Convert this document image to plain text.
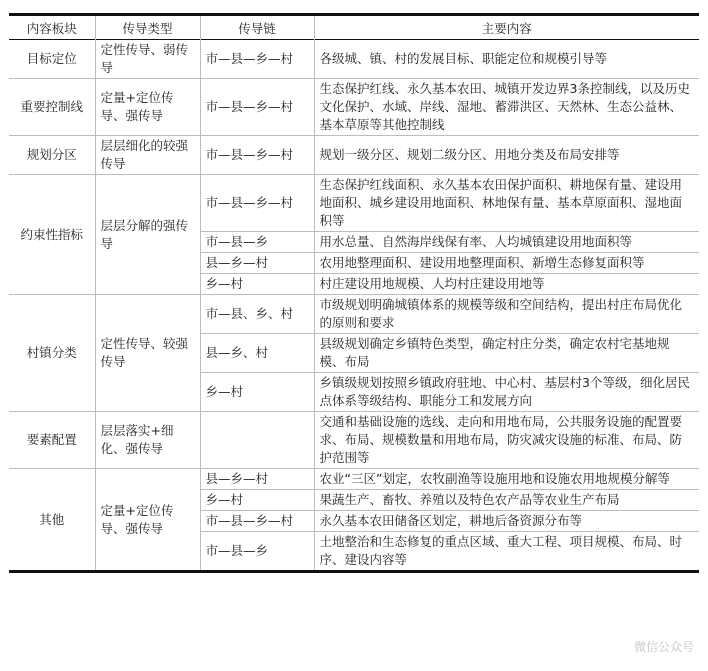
内容板块	传导类型	传导链	主要内容
目标定位	定性传导、弱传导	市—县—乡—村	各级城、镇、村的发展目标、职能定位和规模引导等
重要控制线	定量+定位传导、强传导	市—县—乡—村	生态保护红线、永久基本农田、城镇开发边界3条控制线，以及历史文化保护、水域、岸线、湿地、蓄滞洪区、天然林、生态公益林、基本草原等其他控制线
规划分区	层层细化的较强传导	市—县—乡—村	规划一级分区、规划二级分区、用地分类及布局安排等
约束性指标	层层分解的强传导	市—县—乡—村	生态保护红线面积、永久基本农田保护面积、耕地保有量、建设用地面积、城乡建设用地面积、林地保有量、基本草原面积、湿地面积等
		市—县—乡	用水总量、自然海岸线保有率、人均城镇建设用地面积等
		县—乡—村	农用地整理面积、建设用地整理面积、新增生态修复面积等
		乡—村	村庄建设用地规模、人均村庄建设用地等
村镇分类	定性传导、较强传导	市—县、乡、村	市级规划明确城镇体系的规模等级和空间结构，提出村庄布局优化的原则和要求
		县—乡、村	县级规划确定乡镇特色类型，确定村庄分类，确定农村宅基地规模、布局
		乡—村	乡镇级规划按照乡镇政府驻地、中心村、基层村3个等级，细化居民点体系等级结构、职能分工和发展方向
要素配置	层层落实+细化、强传导		交通和基础设施的选线、走向和用地布局，公共服务设施的配置要求、布局、规模数量和用地布局，防灾减灾设施的标准、布局、防护范围等
其他	定量+定位传导、强传导	县—乡—村	农业“三区”划定，农牧副渔等设施用地和设施农用地规模分解等
		乡—村	果蔬生产、畜牧、养殖以及特色农产品等农业生产布局
		市—县—乡—村	永久基本农田储备区划定，耕地后备资源分布等
		市—县—乡	土地整治和生态修复的重点区域、重大工程、项目规模、布局、时序、建设内容等
微信公众号
